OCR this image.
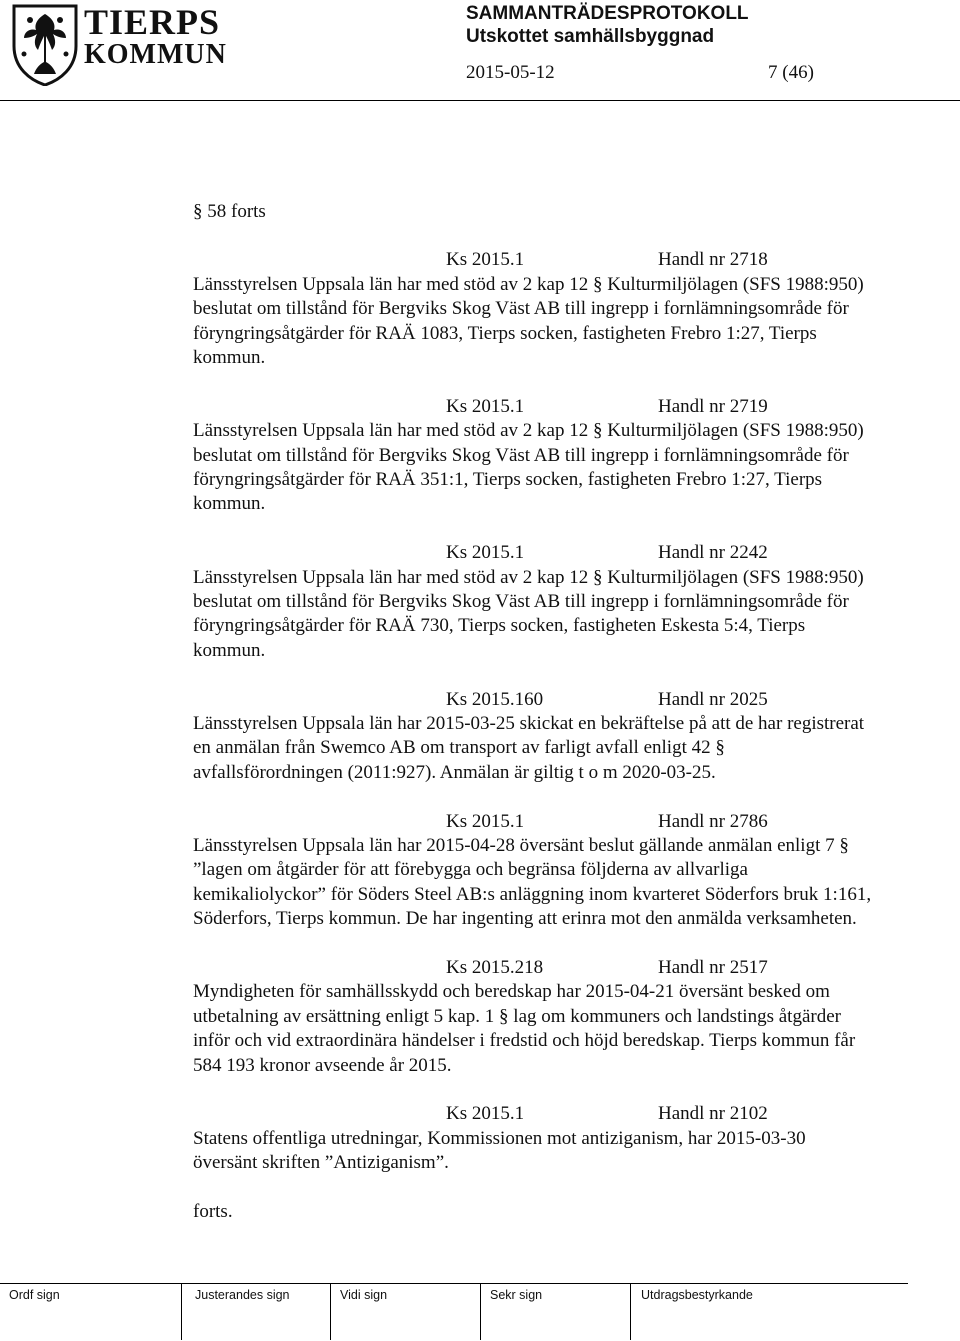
TIERPS
KOMMUN
SAMMANTRÄDESPROTOKOLL
Utskottet samhällsbyggnad
2015-05-12	7 (46)
§ 58 forts
Ks 2015.1	Handl nr 2718

Länsstyrelsen Uppsala län har med stöd av 2 kap 12 § Kulturmiljölagen (SFS 1988:950) beslutat om tillstånd för Bergviks Skog Väst AB till ingrepp i fornlämningsområde för föryngringsåtgärder för RAÄ 1083, Tierps socken, fastigheten Frebro 1:27, Tierps kommun.

Ks 2015.1	Handl nr 2719

Länsstyrelsen Uppsala län har med stöd av 2 kap 12 § Kulturmiljölagen (SFS 1988:950) beslutat om tillstånd för Bergviks Skog Väst AB till ingrepp i fornlämningsområde för föryngringsåtgärder för RAÄ 351:1, Tierps socken, fastigheten Frebro 1:27, Tierps kommun.

Ks 2015.1	Handl nr 2242

Länsstyrelsen Uppsala län har med stöd av 2 kap 12 § Kulturmiljölagen (SFS 1988:950) beslutat om tillstånd för Bergviks Skog Väst AB till ingrepp i fornlämningsområde för föryngringsåtgärder för RAÄ 730, Tierps socken, fastigheten Eskesta 5:4, Tierps kommun.

Ks 2015.160	Handl nr 2025

Länsstyrelsen Uppsala län har 2015-03-25 skickat en bekräftelse på att de har registrerat en anmälan från Swemco AB om transport av farligt avfall enligt 42 § avfallsförordningen (2011:927). Anmälan är giltig t o m 2020-03-25.

Ks 2015.1	Handl nr 2786

Länsstyrelsen Uppsala län har 2015-04-28 översänt beslut gällande anmälan enligt 7 § ”lagen om åtgärder för att förebygga och begränsa följderna av allvarliga kemikaliolyckor” för Söders Steel AB:s anläggning inom kvarteret Söderfors bruk 1:161, Söderfors, Tierps kommun. De har ingenting att erinra mot den anmälda verksamheten.

Ks 2015.218	Handl nr 2517

Myndigheten för samhällsskydd och beredskap har 2015-04-21 översänt besked om utbetalning av ersättning enligt 5 kap. 1 § lag om kommuners och landstings åtgärder inför och vid extraordinära händelser i fredstid och höjd beredskap. Tierps kommun får 584 193 kronor avseende år 2015.

Ks 2015.1	Handl nr 2102

Statens offentliga utredningar, Kommissionen mot antiziganism, har 2015-03-30 översänt skriften ”Antiziganism”.

forts.
Ordf sign	Justerandes sign	Vidi sign	Sekr sign	Utdragsbestyrkande
